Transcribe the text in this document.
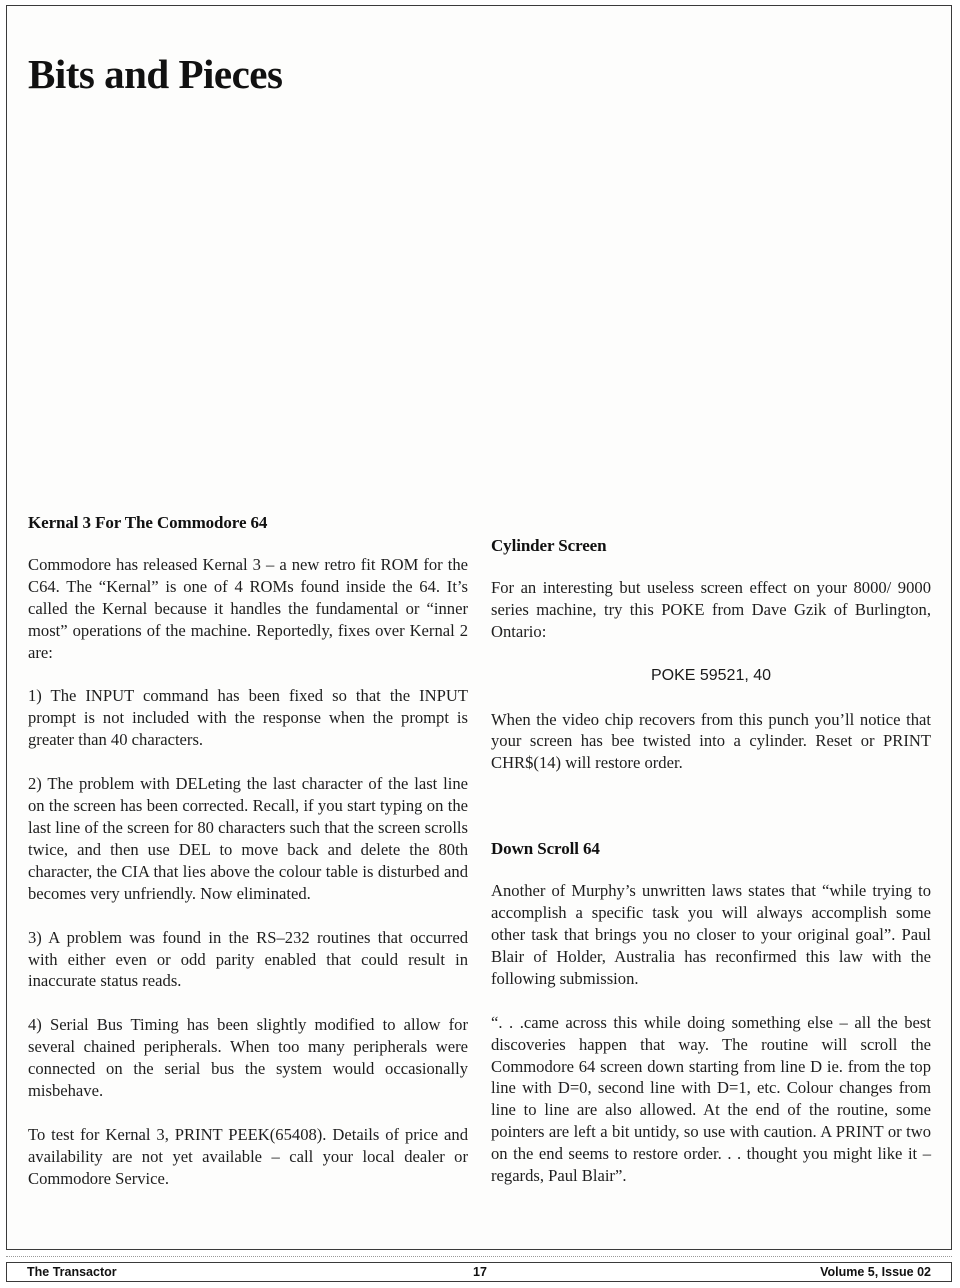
Bits and Pieces
Kernal 3 For The Commodore 64

Commodore has released Kernal 3 – a new retro fit ROM for the C64. The “Kernal” is one of 4 ROMs found inside the 64. It’s called the Kernal because it handles the fundamental or “inner most” operations of the machine. Reportedly, fixes over Kernal 2 are:

1) The INPUT command has been fixed so that the INPUT prompt is not included with the response when the prompt is greater than 40 characters.

2) The problem with DELeting the last character of the last line on the screen has been corrected. Recall, if you start typing on the last line of the screen for 80 characters such that the screen scrolls twice, and then use DEL to move back and delete the 80th character, the CIA that lies above the colour table is disturbed and becomes very unfriendly. Now eliminated.

3) A problem was found in the RS–232 routines that occurred with either even or odd parity enabled that could result in inaccurate status reads.

4) Serial Bus Timing has been slightly modified to allow for several chained peripherals. When too many peripherals were connected on the serial bus the system would occasionally misbehave.

To test for Kernal 3, PRINT PEEK(65408). Details of price and availability are not yet available – call your local dealer or Commodore Service.

Cylinder Screen

For an interesting but useless screen effect on your 8000/ 9000 series machine, try this POKE from Dave Gzik of Burlington, Ontario:

POKE 59521, 40

When the video chip recovers from this punch you’ll notice that your screen has bee twisted into a cylinder. Reset or PRINT CHR$(14) will restore order.

Down Scroll 64

Another of Murphy’s unwritten laws states that “while trying to accomplish a specific task you will always accomplish some other task that brings you no closer to your original goal”. Paul Blair of Holder, Australia has reconfirmed this law with the following submission.

“. . .came across this while doing something else – all the best discoveries happen that way. The routine will scroll the Commodore 64 screen down starting from line D ie. from the top line with D=0, second line with D=1, etc. Colour changes from line to line are also allowed. At the end of the routine, some pointers are left a bit untidy, so use with caution. A PRINT or two on the end seems to restore order. . . thought you might like it – regards, Paul Blair”.

The Transactor	17	Volume 5, Issue 02
